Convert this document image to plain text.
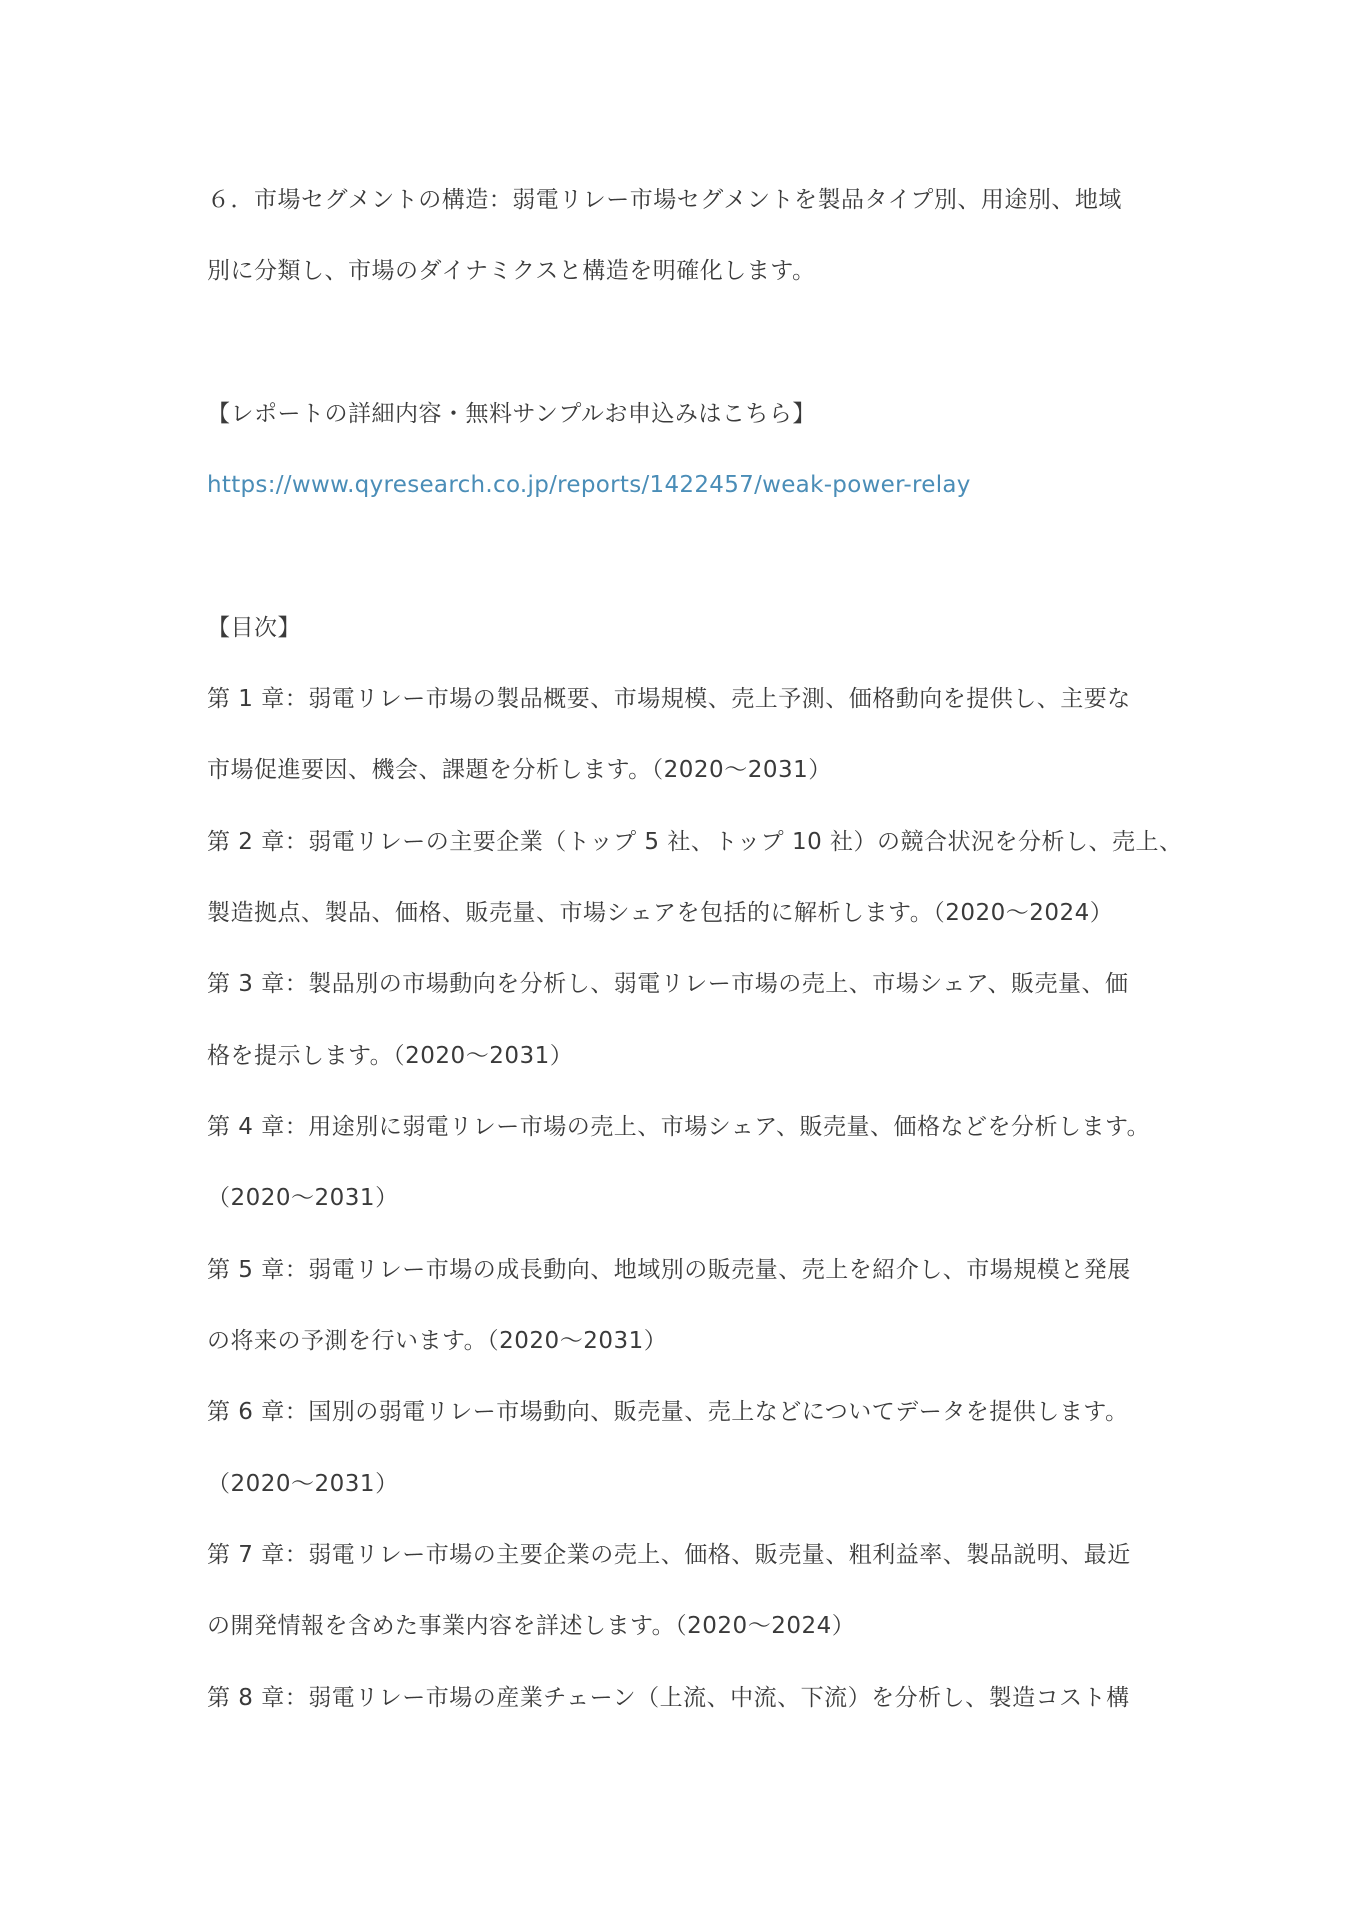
６．市場セグメントの構造：弱電リレー市場セグメントを製品タイプ別、用途別、地域
別に分類し、市場のダイナミクスと構造を明確化します。
【レポートの詳細内容・無料サンプルお申込みはこちら】
https://www.qyresearch.co.jp/reports/1422457/weak-power-relay
【目次】
第 1 章：弱電リレー市場の製品概要、市場規模、売上予測、価格動向を提供し、主要な
市場促進要因、機会、課題を分析します。（2020～2031）
第 2 章：弱電リレーの主要企業（トップ 5 社、トップ 10 社）の競合状況を分析し、売上、
製造拠点、製品、価格、販売量、市場シェアを包括的に解析します。（2020～2024）
第 3 章：製品別の市場動向を分析し、弱電リレー市場の売上、市場シェア、販売量、価
格を提示します。（2020～2031）
第 4 章：用途別に弱電リレー市場の売上、市場シェア、販売量、価格などを分析します。
（2020～2031）
第 5 章：弱電リレー市場の成長動向、地域別の販売量、売上を紹介し、市場規模と発展
の将来の予測を行います。（2020～2031）
第 6 章：国別の弱電リレー市場動向、販売量、売上などについてデータを提供します。
（2020～2031）
第 7 章：弱電リレー市場の主要企業の売上、価格、販売量、粗利益率、製品説明、最近
の開発情報を含めた事業内容を詳述します。（2020～2024）
第 8 章：弱電リレー市場の産業チェーン（上流、中流、下流）を分析し、製造コスト構
